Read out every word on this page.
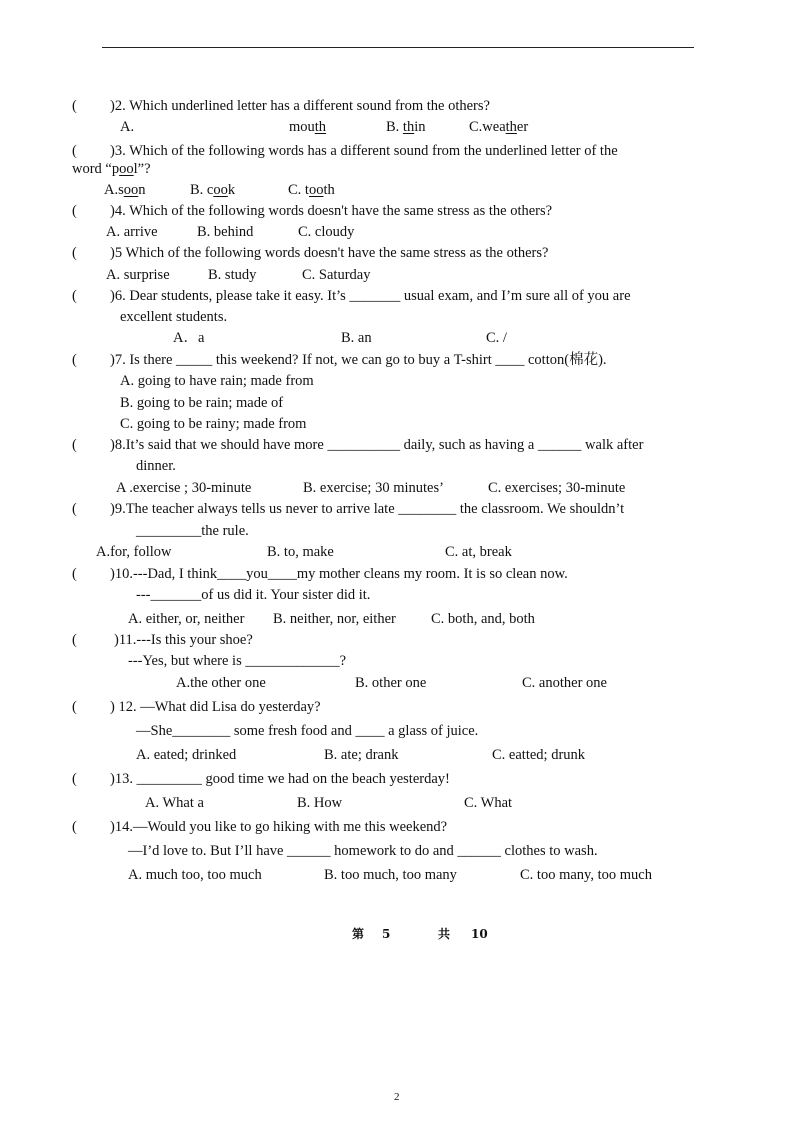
( )2. Which underlined letter has a different sound from the others?
A.	mouth	B. thin	C.weather
( )3. Which of the following words has a different sound from the underlined letter of the
word “pool”?
A.soon	B. cook	C. tooth
( )4. Which of the following words doesn't have the same stress as the others?
A. arrive	B. behind	C. cloudy
( )5 Which of the following words doesn't have the same stress as the others?
A. surprise	B. study	C. Saturday
( )6. Dear students, please take it easy. It’s _______ usual exam, and I’m sure all of you are
excellent students.
A．a	B. an	C. /
( )7. Is there _____ this weekend? If not, we can go to buy a T-shirt ____ cotton(棉花).
A. going to have rain; made from
B. going to be rain; made of
C. going to be rainy; made from
( )8.It’s said that we should have more __________ daily, such as having a ______ walk after
dinner.
A .exercise ; 30-minute	B. exercise; 30 minutes’	C. exercises; 30-minute
( )9.The teacher always tells us never to arrive late ________ the classroom. We shouldn’t
_________the rule.
A.for, follow	B. to, make	C. at, break
( )10.---Dad, I think____you____my mother cleans my room. It is so clean now.
---_______of us did it. Your sister did it.
A. either, or, neither B. neither, nor, either C. both, and, both
(	)11.---Is this your shoe?
---Yes, but where is _____________?
A.the other one	B. other one	C. another one
( ) 12. —What did Lisa do yesterday?
—She________ some fresh food and ____ a glass of juice.
A. eated; drinked	B. ate; drank	C. eatted; drunk
( )13. _________ good time we had on the beach yesterday!
A. What a	B. How	C. What
( )14.—Would you like to go hiking with me this weekend?
—I’d love to. But I’ll have ______ homework to do and ______ clothes to wash.
A. much too, too much	B. too much, too many	C. too many, too much
第 5	共 10
2
